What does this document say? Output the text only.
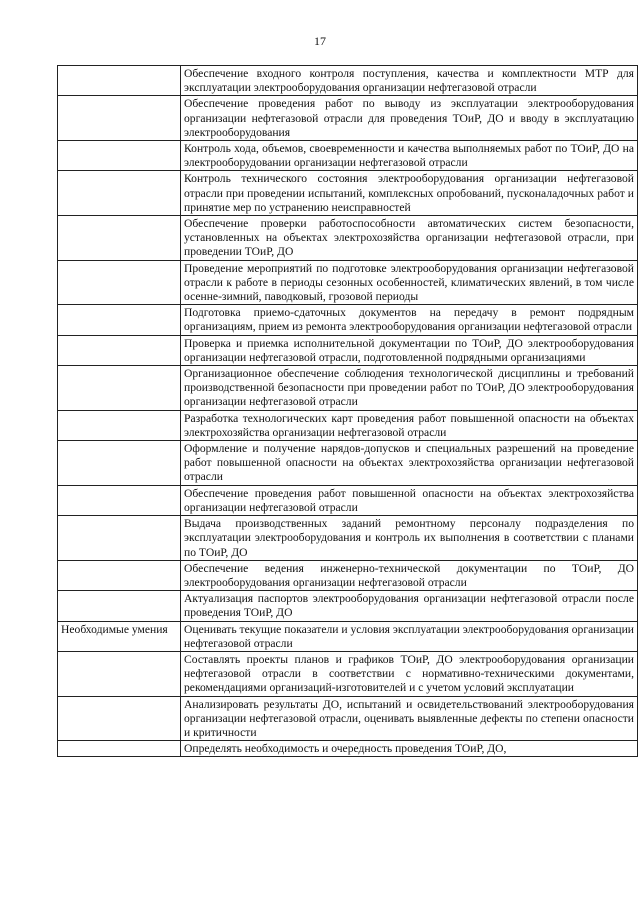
17
	Обеспечение входного контроля поступления, качества и комплектности МТР для эксплуатации электрооборудования организации нефтегазовой отрасли
	Обеспечение проведения работ по выводу из эксплуатации электрооборудования организации нефтегазовой отрасли для проведения ТОиР, ДО и вводу в эксплуатацию электрооборудования
	Контроль хода, объемов, своевременности и качества выполняемых работ по ТОиР, ДО на электрооборудовании организации нефтегазовой отрасли
	Контроль технического состояния электрооборудования организации нефтегазовой отрасли при проведении испытаний, комплексных опробований, пусконаладочных работ и принятие мер по устранению неисправностей
	Обеспечение проверки работоспособности автоматических систем безопасности, установленных на объектах электрохозяйства организации нефтегазовой отрасли, при проведении ТОиР, ДО
	Проведение мероприятий по подготовке электрооборудования организации нефтегазовой отрасли к работе в периоды сезонных особенностей, климатических явлений, в том числе осенне-зимний, паводковый, грозовой периоды
	Подготовка приемо-сдаточных документов на передачу в ремонт подрядным организациям, прием из ремонта электрооборудования организации нефтегазовой отрасли
	Проверка и приемка исполнительной документации по ТОиР, ДО электрооборудования организации нефтегазовой отрасли, подготовленной подрядными организациями
	Организационное обеспечение соблюдения технологической дисциплины и требований производственной безопасности при проведении работ по ТОиР, ДО электрооборудования организации нефтегазовой отрасли
	Разработка технологических карт проведения работ повышенной опасности на объектах электрохозяйства организации нефтегазовой отрасли
	Оформление и получение нарядов-допусков и специальных разрешений на проведение работ повышенной опасности на объектах электрохозяйства организации нефтегазовой отрасли
	Обеспечение проведения работ повышенной опасности на объектах электрохозяйства организации нефтегазовой отрасли
	Выдача производственных заданий ремонтному персоналу подразделения по эксплуатации электрооборудования и контроль их выполнения в соответствии с планами по ТОиР, ДО
	Обеспечение ведения инженерно-технической документации по ТОиР, ДО электрооборудования организации нефтегазовой отрасли
	Актуализация паспортов электрооборудования организации нефтегазовой отрасли после проведения ТОиР, ДО
Необходимые умения	Оценивать текущие показатели и условия эксплуатации электрооборудования организации нефтегазовой отрасли
	Составлять проекты планов и графиков ТОиР, ДО электрооборудования организации нефтегазовой отрасли в соответствии с нормативно-техническими документами, рекомендациями организаций-изготовителей и с учетом условий эксплуатации
	Анализировать результаты ДО, испытаний и освидетельствований электрооборудования организации нефтегазовой отрасли, оценивать выявленные дефекты по степени опасности и критичности
	Определять необходимость и очередность проведения ТОиР, ДО,
